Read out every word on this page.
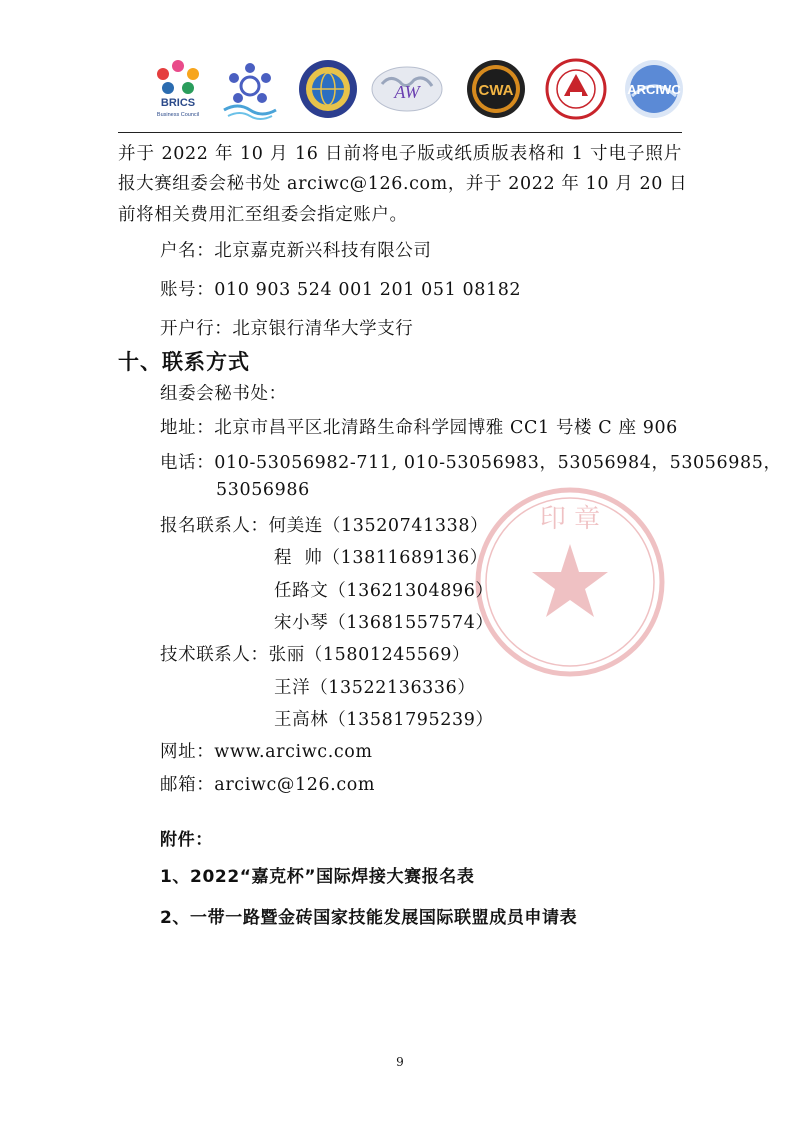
BRICS
Business Council
AW	CWA	ARCIWC
印 章
并于 2022 年 10 月 16 日前将电子版或纸质版表格和 1 寸电子照片
报大赛组委会秘书处 arciwc@126.com，并于 2022 年 10 月 20 日
前将相关费用汇至组委会指定账户。
户名：北京嘉克新兴科技有限公司
账号：010 903 524 001 201 051 08182
开户行：北京银行清华大学支行
十、联系方式
组委会秘书处：
地址：北京市昌平区北清路生命科学园博雅 CC1 号楼 C 座 906
电话：010-53056982-711, 010-53056983，53056984，53056985，
53056986
报名联系人：何美连（13520741338）
程  帅（13811689136）
任路文（13621304896）
宋小琴（13681557574）
技术联系人：张丽（15801245569）
王洋（13522136336）
王高林（13581795239）
网址：www.arciwc.com
邮箱：arciwc@126.com
附件：
1、2022“嘉克杯”国际焊接大赛报名表
2、一带一路暨金砖国家技能发展国际联盟成员申请表
9
